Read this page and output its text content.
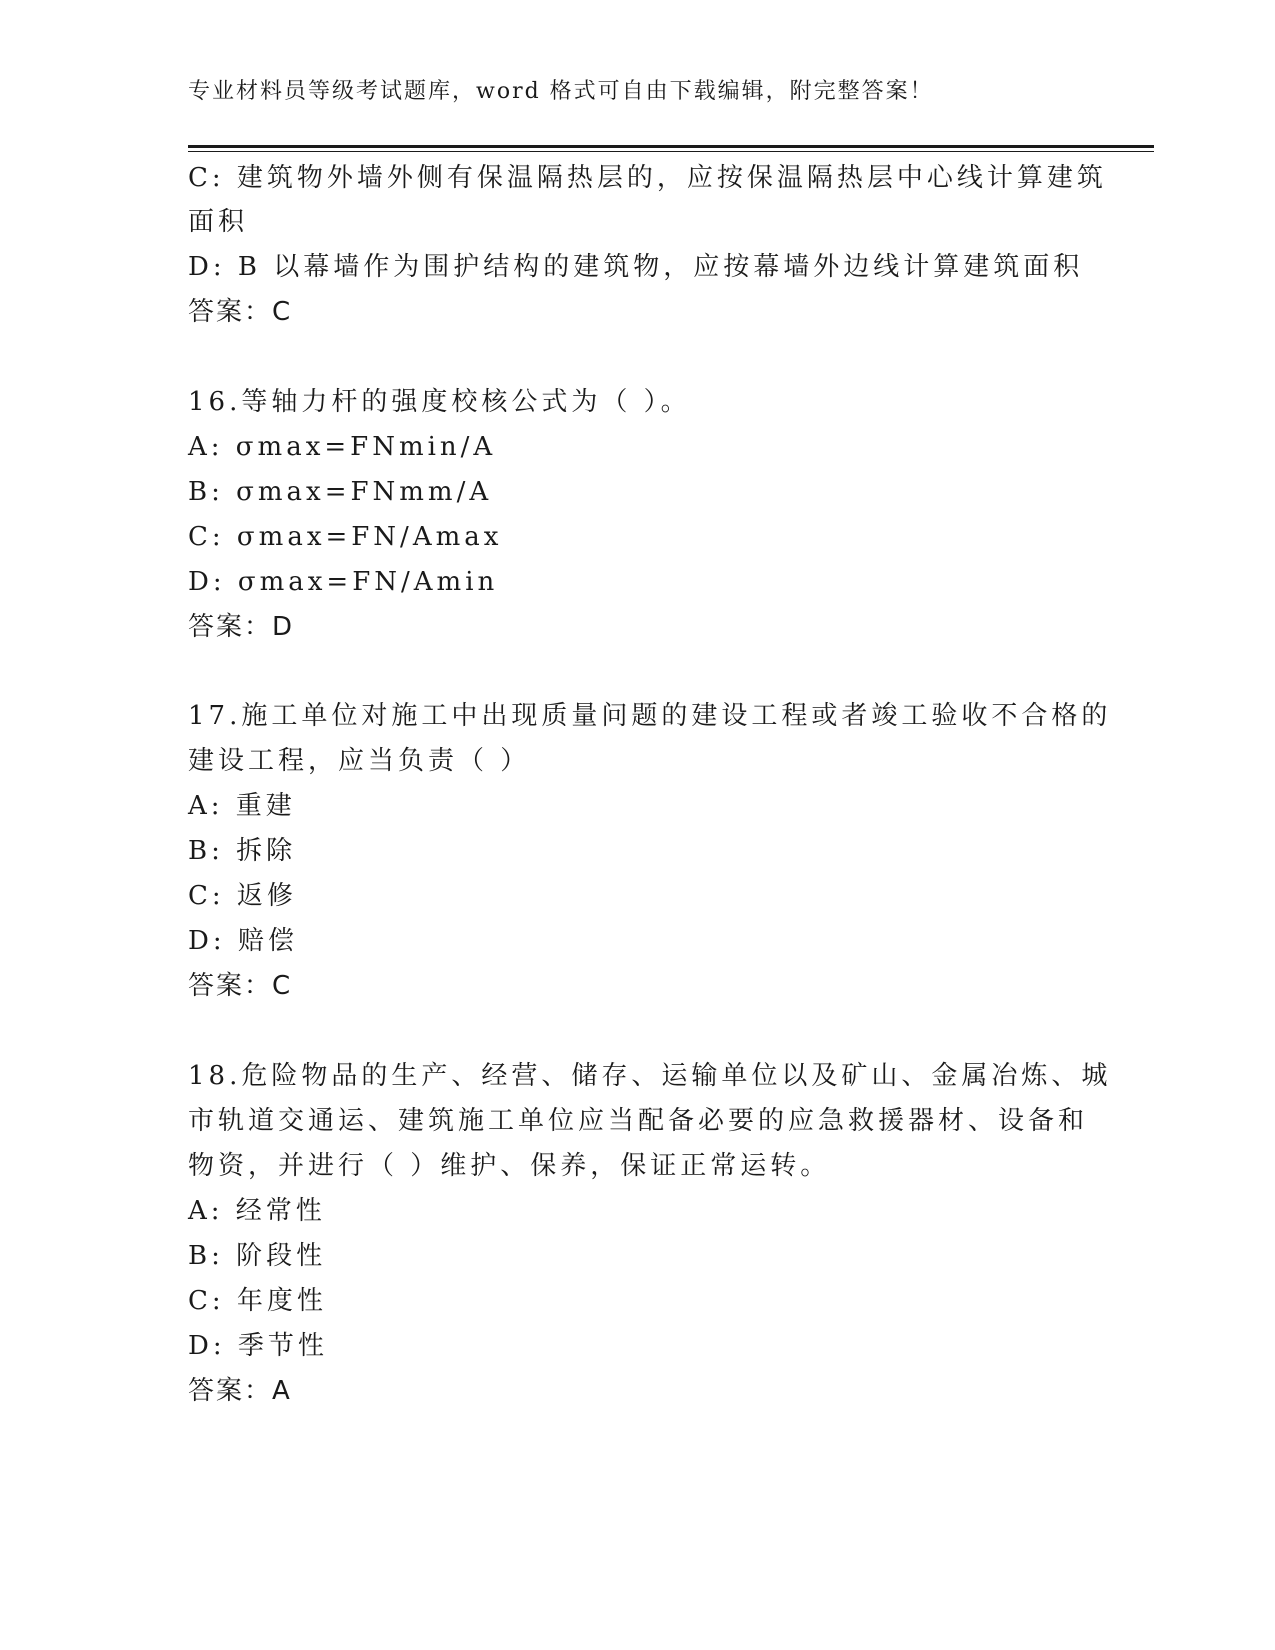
专业材料员等级考试题库，word 格式可自由下载编辑，附完整答案！
C: 建筑物外墙外侧有保温隔热层的，应按保温隔热层中心线计算建筑
面积
D: B 以幕墙作为围护结构的建筑物，应按幕墙外边线计算建筑面积
答案：C
16.等轴力杆的强度校核公式为（ ）。
A: σmax=FNmin/A
B: σmax=FNmm/A
C: σmax=FN/Amax
D: σmax=FN/Amin
答案：D
17.施工单位对施工中出现质量问题的建设工程或者竣工验收不合格的
建设工程，应当负责（ ）
A: 重建
B: 拆除
C: 返修
D: 赔偿
答案：C
18.危险物品的生产、经营、储存、运输单位以及矿山、金属冶炼、城
市轨道交通运、建筑施工单位应当配备必要的应急救援器材、设备和
物资，并进行（ ）维护、保养，保证正常运转。
A: 经常性
B: 阶段性
C: 年度性
D: 季节性
答案：A
